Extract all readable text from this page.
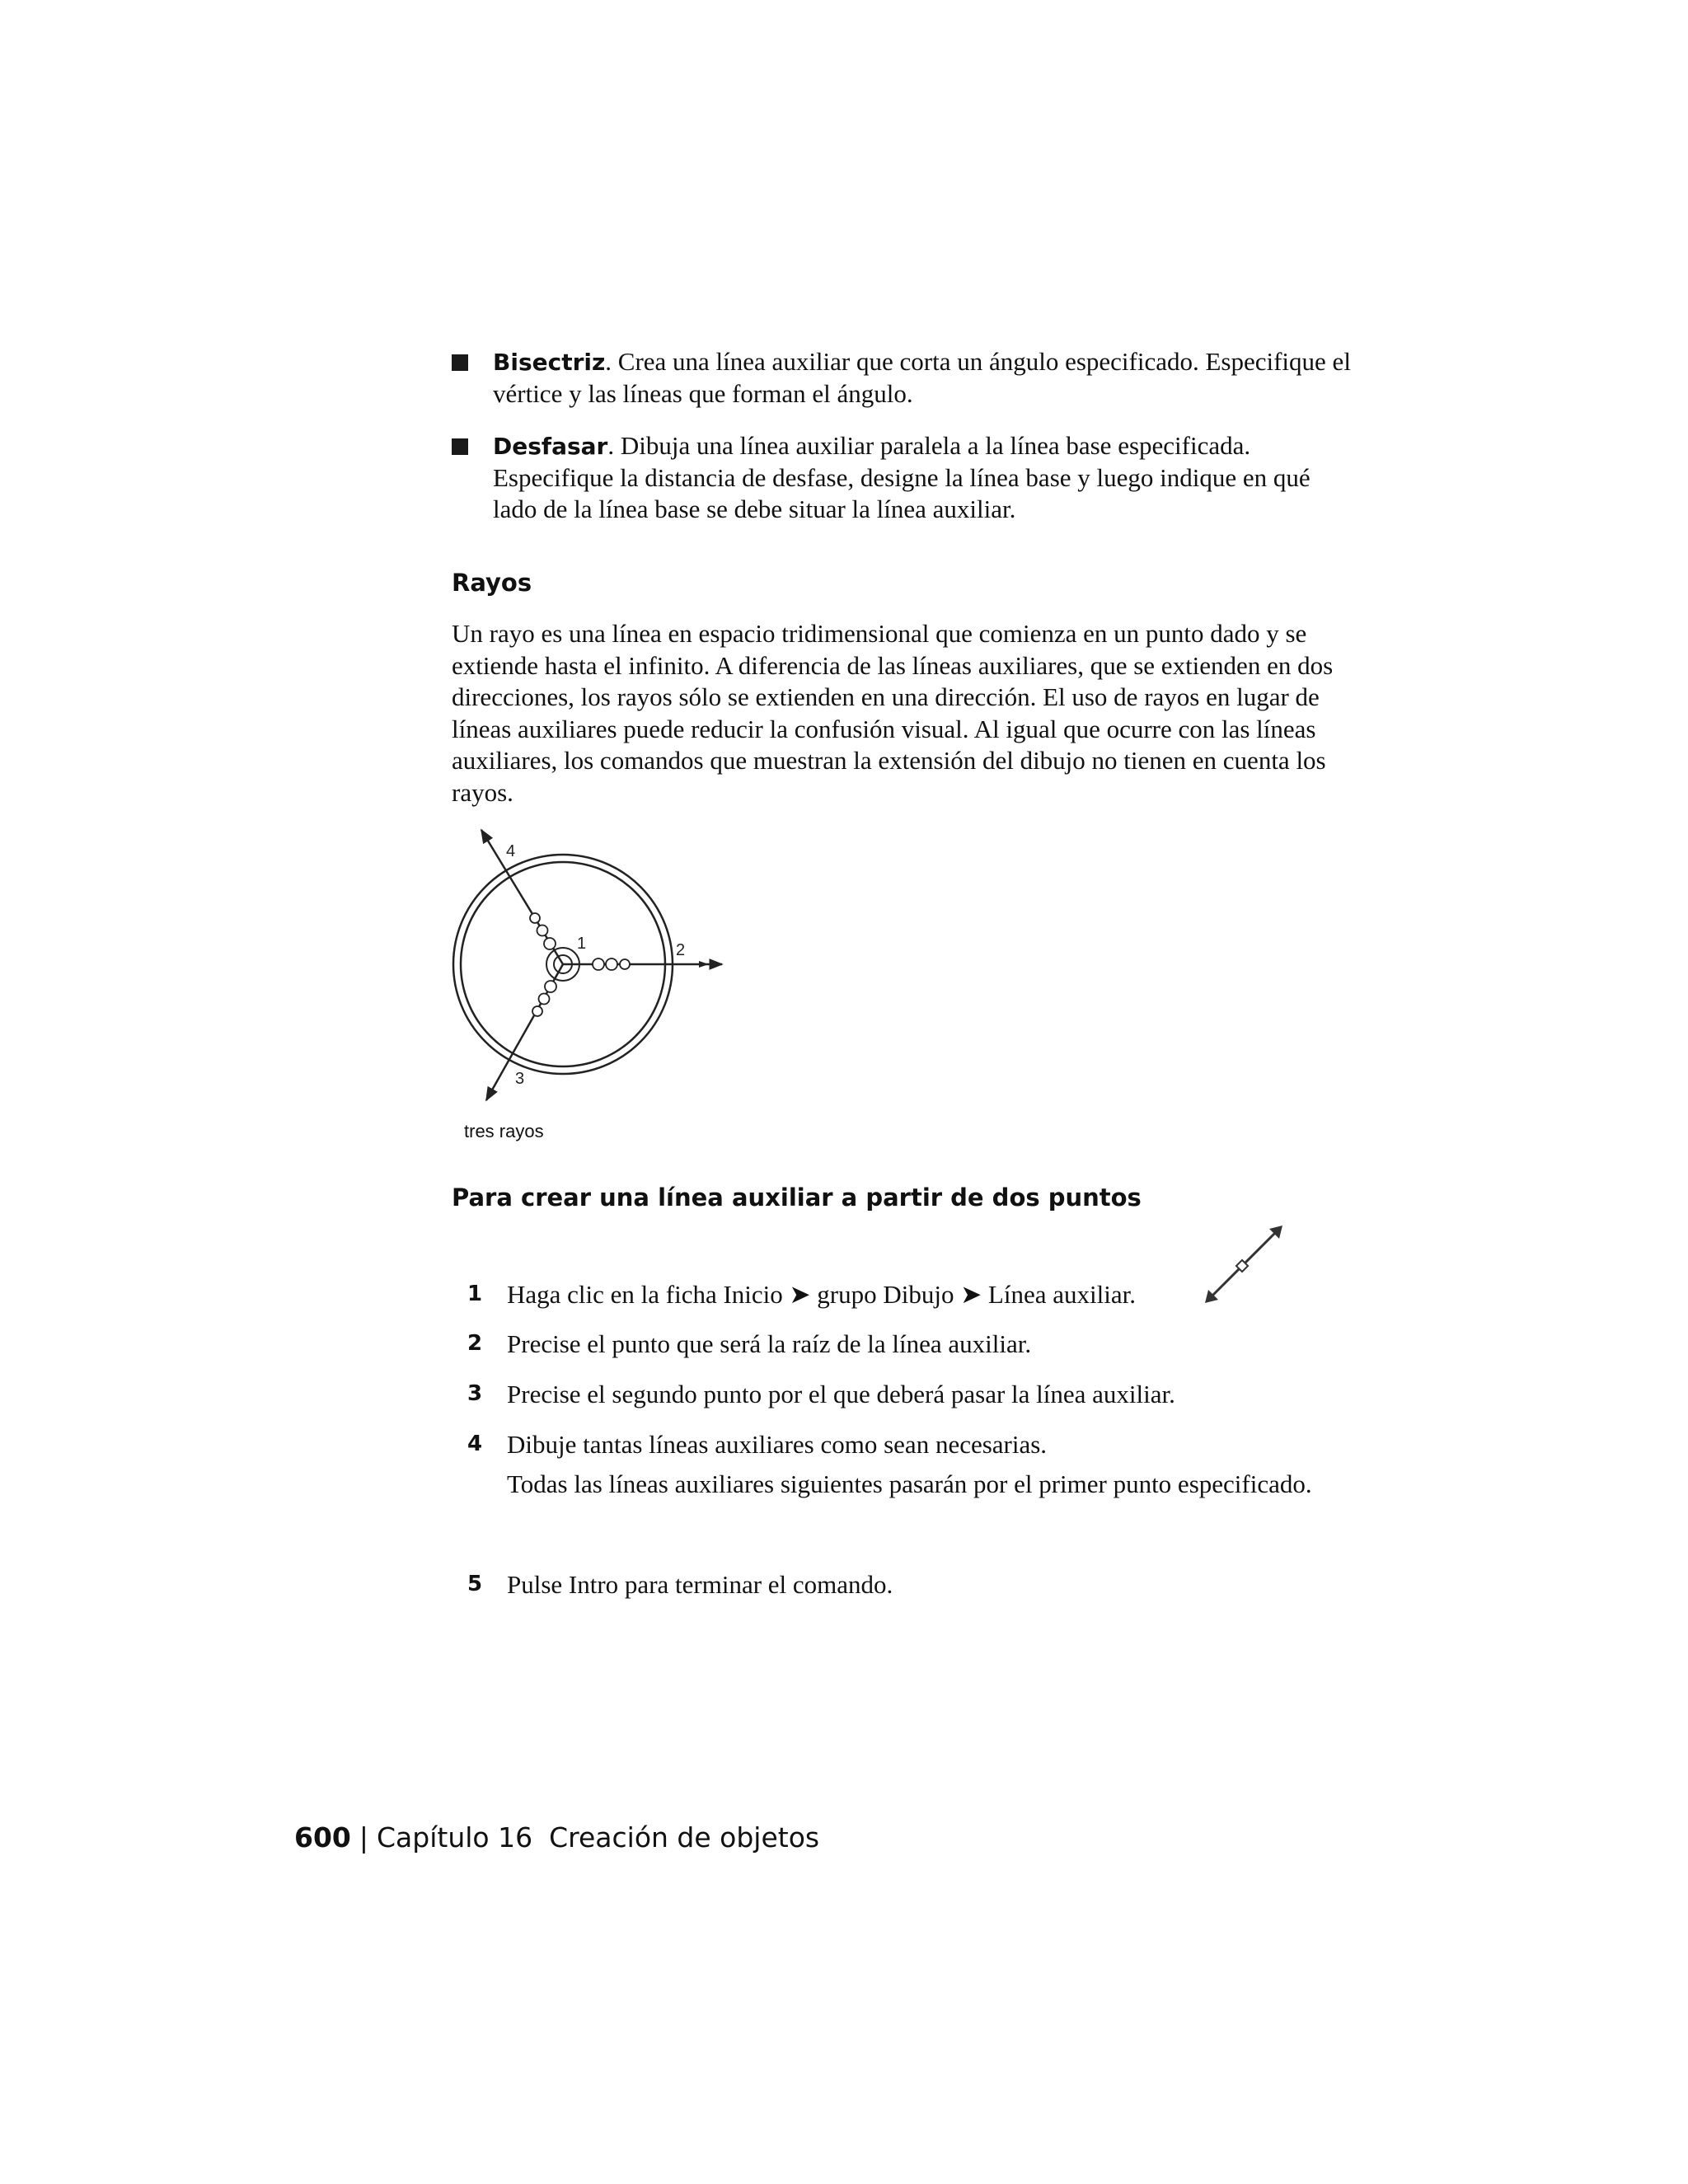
Bisectriz. Crea una línea auxiliar que corta un ángulo especificado. Especifique el vértice y las líneas que forman el ángulo.
Desfasar. Dibuja una línea auxiliar paralela a la línea base especificada. Especifique la distancia de desfase, designe la línea base y luego indique en qué lado de la línea base se debe situar la línea auxiliar.
Rayos
Un rayo es una línea en espacio tridimensional que comienza en un punto dado y se extiende hasta el infinito. A diferencia de las líneas auxiliares, que se extienden en dos direcciones, los rayos sólo se extienden en una dirección. El uso de rayos en lugar de líneas auxiliares puede reducir la confusión visual. Al igual que ocurre con las líneas auxiliares, los comandos que muestran la extensión del dibujo no tienen en cuenta los rayos.
1	2
3
4
tres rayos
Para crear una línea auxiliar a partir de dos puntos
1 Haga clic en la ficha Inicio ➤ grupo Dibujo ➤ Línea auxiliar.
2 Precise el punto que será la raíz de la línea auxiliar.
3 Precise el segundo punto por el que deberá pasar la línea auxiliar.
4 Dibuje tantas líneas auxiliares como sean necesarias.
Todas las líneas auxiliares siguientes pasarán por el primer punto especificado.
5 Pulse Intro para terminar el comando.
600 | Capítulo 16 Creación de objetos
